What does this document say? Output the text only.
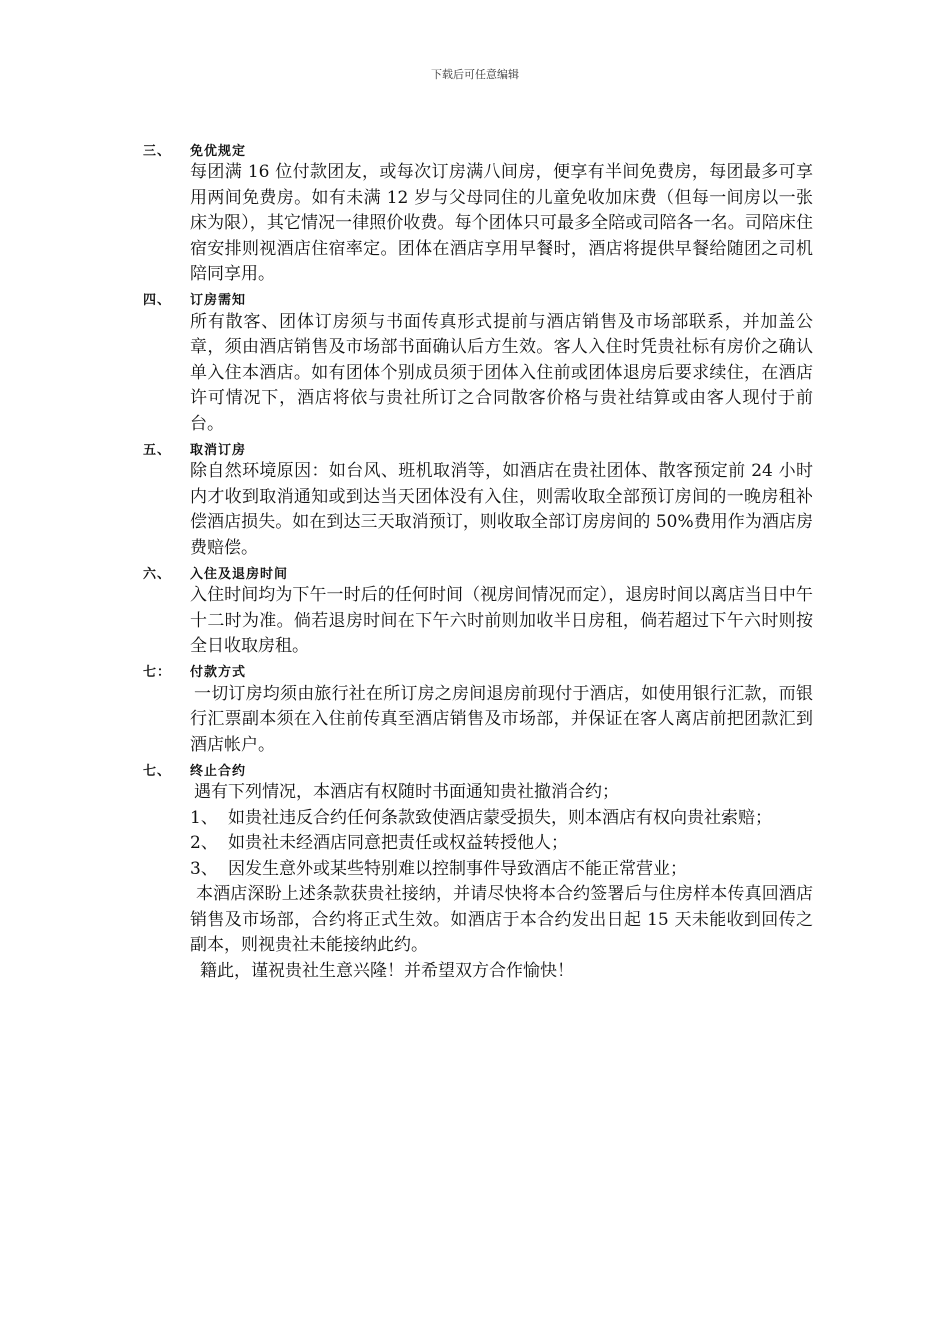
下载后可任意编辑
三、	免优规定

每团满 16 位付款团友，或每次订房满八间房，便享有半间免费房，每团最多可享用两间免费房。如有未满 12 岁与父母同住的儿童免收加床费（但每一间房以一张床为限），其它情况一律照价收费。每个团体只可最多全陪或司陪各一名。司陪床住宿安排则视酒店住宿率定。团体在酒店享用早餐时，酒店将提供早餐给随团之司机陪同享用。

四、	订房需知

所有散客、团体订房须与书面传真形式提前与酒店销售及市场部联系，并加盖公章，须由酒店销售及市场部书面确认后方生效。客人入住时凭贵社标有房价之确认单入住本酒店。如有团体个别成员须于团体入住前或团体退房后要求续住，在酒店许可情况下，酒店将依与贵社所订之合同散客价格与贵社结算或由客人现付于前台。

五、	取消订房

除自然环境原因：如台风、班机取消等，如酒店在贵社团体、散客预定前 24 小时内才收到取消通知或到达当天团体没有入住，则需收取全部预订房间的一晚房租补偿酒店损失。如在到达三天取消预订，则收取全部订房房间的 50%费用作为酒店房费赔偿。

六、	入住及退房时间

入住时间均为下午一时后的任何时间（视房间情况而定），退房时间以离店当日中午十二时为准。倘若退房时间在下午六时前则加收半日房租，倘若超过下午六时则按全日收取房租。

七：	付款方式

一切订房均须由旅行社在所订房之房间退房前现付于酒店，如使用银行汇款，而银行汇票副本须在入住前传真至酒店销售及市场部，并保证在客人离店前把团款汇到酒店帐户。

七、	终止合约

遇有下列情况，本酒店有权随时书面通知贵社撤消合约；

1、 如贵社违反合约任何条款致使酒店蒙受损失，则本酒店有权向贵社索赔；
2、 如贵社未经酒店同意把责任或权益转授他人；
3、 因发生意外或某些特别难以控制事件导致酒店不能正常营业；

本酒店深盼上述条款获贵社接纳，并请尽快将本合约签署后与住房样本传真回酒店销售及市场部，合约将正式生效。如酒店于本合约发出日起 15 天未能收到回传之副本，则视贵社未能接纳此约。

籍此，谨祝贵社生意兴隆！并希望双方合作愉快！
